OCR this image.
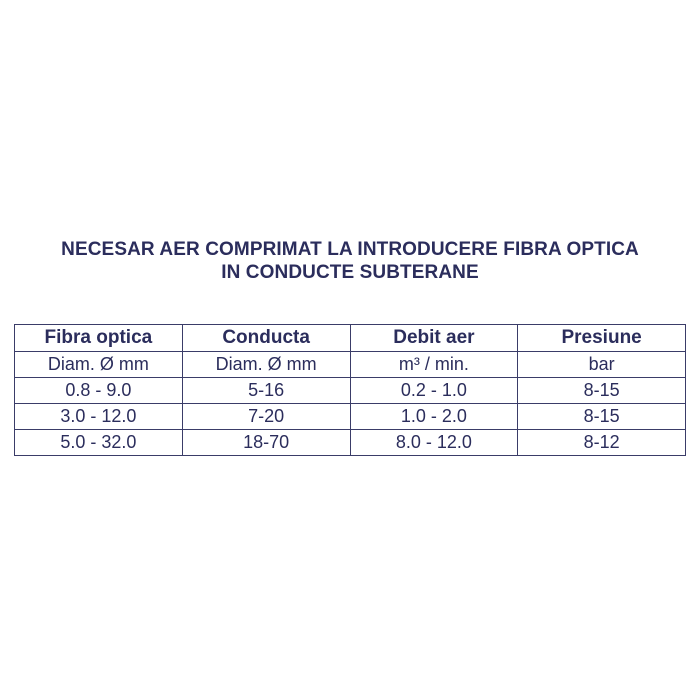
NECESAR AER COMPRIMAT LA INTRODUCERE FIBRA OPTICA
IN CONDUCTE SUBTERANE
Fibra optica	Conducta	Debit aer	Presiune
Diam. Ø mm	Diam. Ø mm	m³ / min.	bar
0.8 - 9.0	5-16	0.2 - 1.0	8-15
3.0 - 12.0	7-20	1.0 - 2.0	8-15
5.0 - 32.0	18-70	8.0 - 12.0	8-12
